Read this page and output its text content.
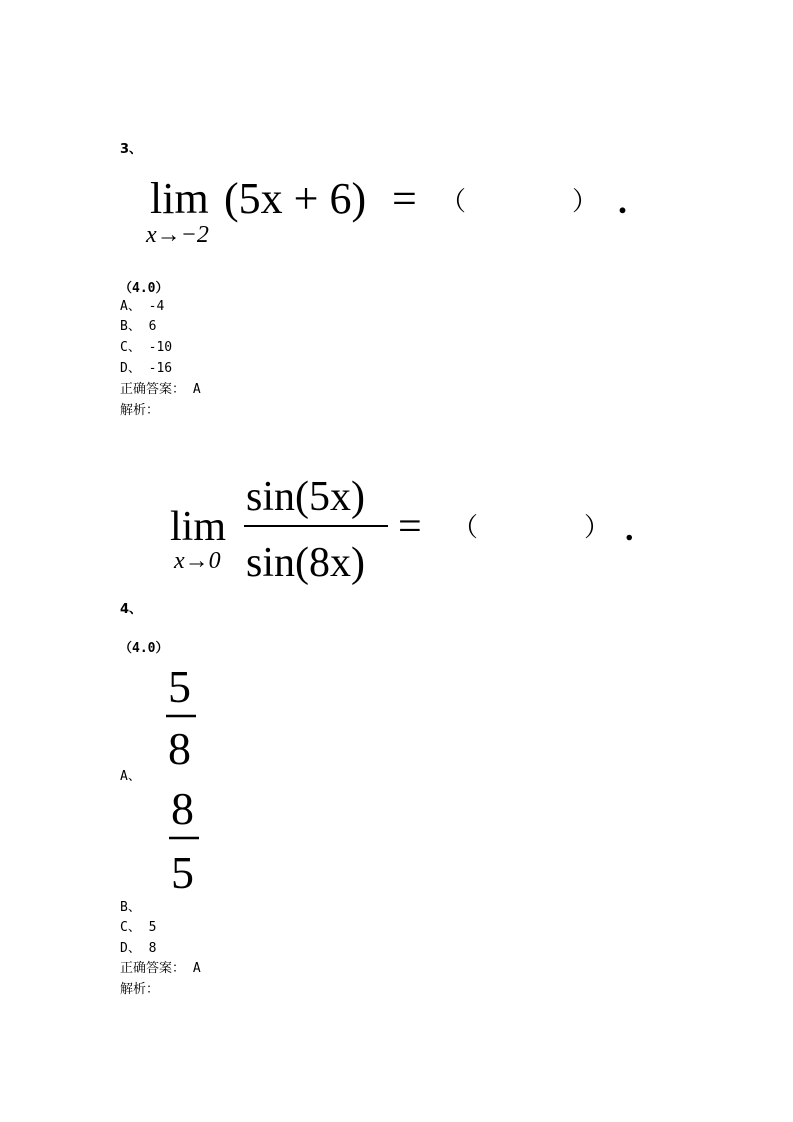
3、
lim
x→−2
(5x + 6) = （	） .
（4.0）
A、 -4
B、 6
C、 -10
D、 -16
正确答案： A
解析：
lim
x→0
sin(5x)
sin(8x)
= （	） .
4、
（4.0）
5
8
A、
8
5
B、
C、 5
D、 8
正确答案： A
解析：
